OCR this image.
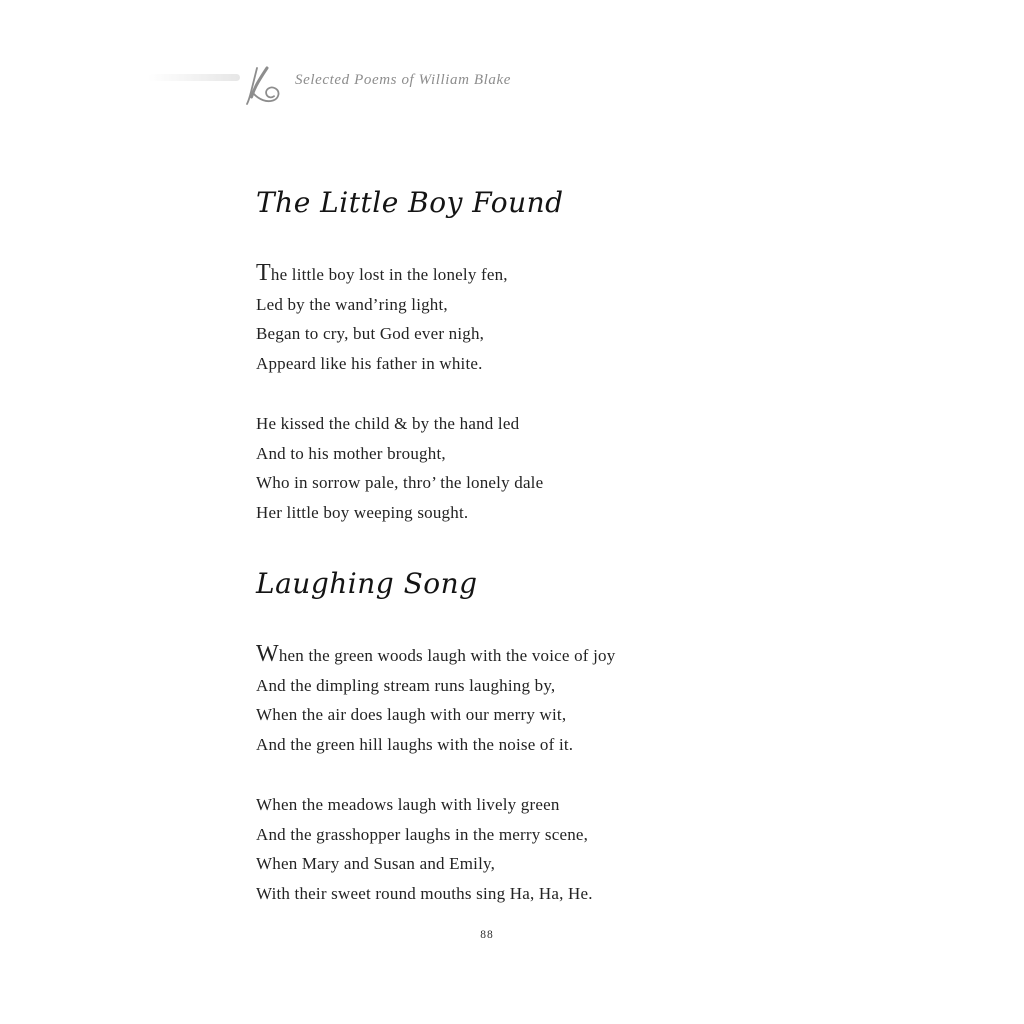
Selected Poems of William Blake
The Little Boy Found
The little boy lost in the lonely fen,
Led by the wand’ring light,
Began to cry, but God ever nigh,
Appeard like his father in white.
He kissed the child & by the hand led
And to his mother brought,
Who in sorrow pale, thro’ the lonely dale
Her little boy weeping sought.
Laughing Song
When the green woods laugh with the voice of joy
And the dimpling stream runs laughing by,
When the air does laugh with our merry wit,
And the green hill laughs with the noise of it.
When the meadows laugh with lively green
And the grasshopper laughs in the merry scene,
When Mary and Susan and Emily,
With their sweet round mouths sing Ha, Ha, He.
88
